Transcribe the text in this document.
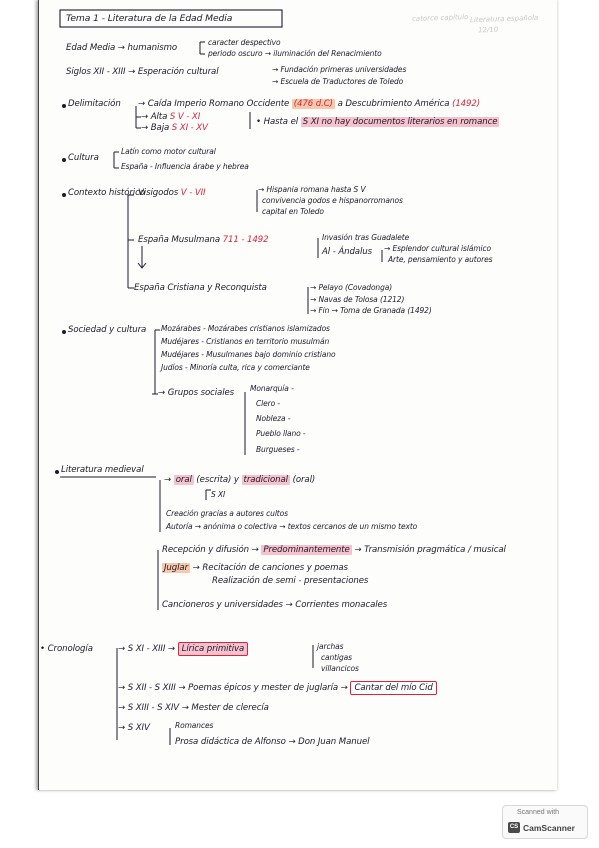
catorce capitulo Literatura española
12/10
Tema 1 - Literatura de la Edad Media
Edad Media → humanismo
caracter despectivo
periodo oscuro → iluminación del Renacimiento
Siglos XII - XIII → Esperación cultural	→ Fundación primeras universidades
→ Escuela de Traductores de Toledo
Delimitación → Caída Imperio Romano Occidente (476 d.C) a Descubrimiento América (1492)
→ Alta S V - XI
→ Baja S XI - XV
• Hasta el S XI no hay documentos literarios en romance
Cultura
Latín como motor cultural
España - Influencia árabe y hebrea
Contexto histórico
Visigodos V - VII	→ Hispania romana hasta S V
convivencia godos e hispanorromanos
capital en Toledo
España Musulmana 711 - 1492	Invasión tras Guadalete
Al - Ándalus → Esplendor cultural islámico
Arte, pensamiento y autores
España Cristiana y Reconquista	→ Pelayo (Covadonga)
→ Navas de Tolosa (1212)
→ Fin → Toma de Granada (1492)
Sociedad y cultura Mozárabes - Mozárabes cristianos islamizados
Mudéjares - Cristianos en territorio musulmán
Mudéjares - Musulmanes bajo dominio cristiano
Judíos - Minoría culta, rica y comerciante
→ Grupos sociales Monarquía -
Clero -
Nobleza -
Pueblo llano -
Burgueses -
Literatura medieval
→ oral (escrita) y tradicional (oral)
S XI
Creación gracias a autores cultos
Autoría → anónima o colectiva → textos cercanos de un mismo texto
Recepción y difusión → Predominantemente → Transmisión pragmática / musical
Juglar → Recitación de canciones y poemas
Realización de semi - presentaciones
Cancioneros y universidades → Corrientes monacales
• Cronología	→ S XI - XIII → Lírica primitiva	jarchas
cantigas
villancicos
→ S XII - S XIII → Poemas épicos y mester de juglaría → Cantar del mío Cid
→ S XIII - S XIV → Mester de clerecía
→ S XIV	Romances
Prosa didáctica de Alfonso → Don Juan Manuel
Scanned with
CS CamScanner
